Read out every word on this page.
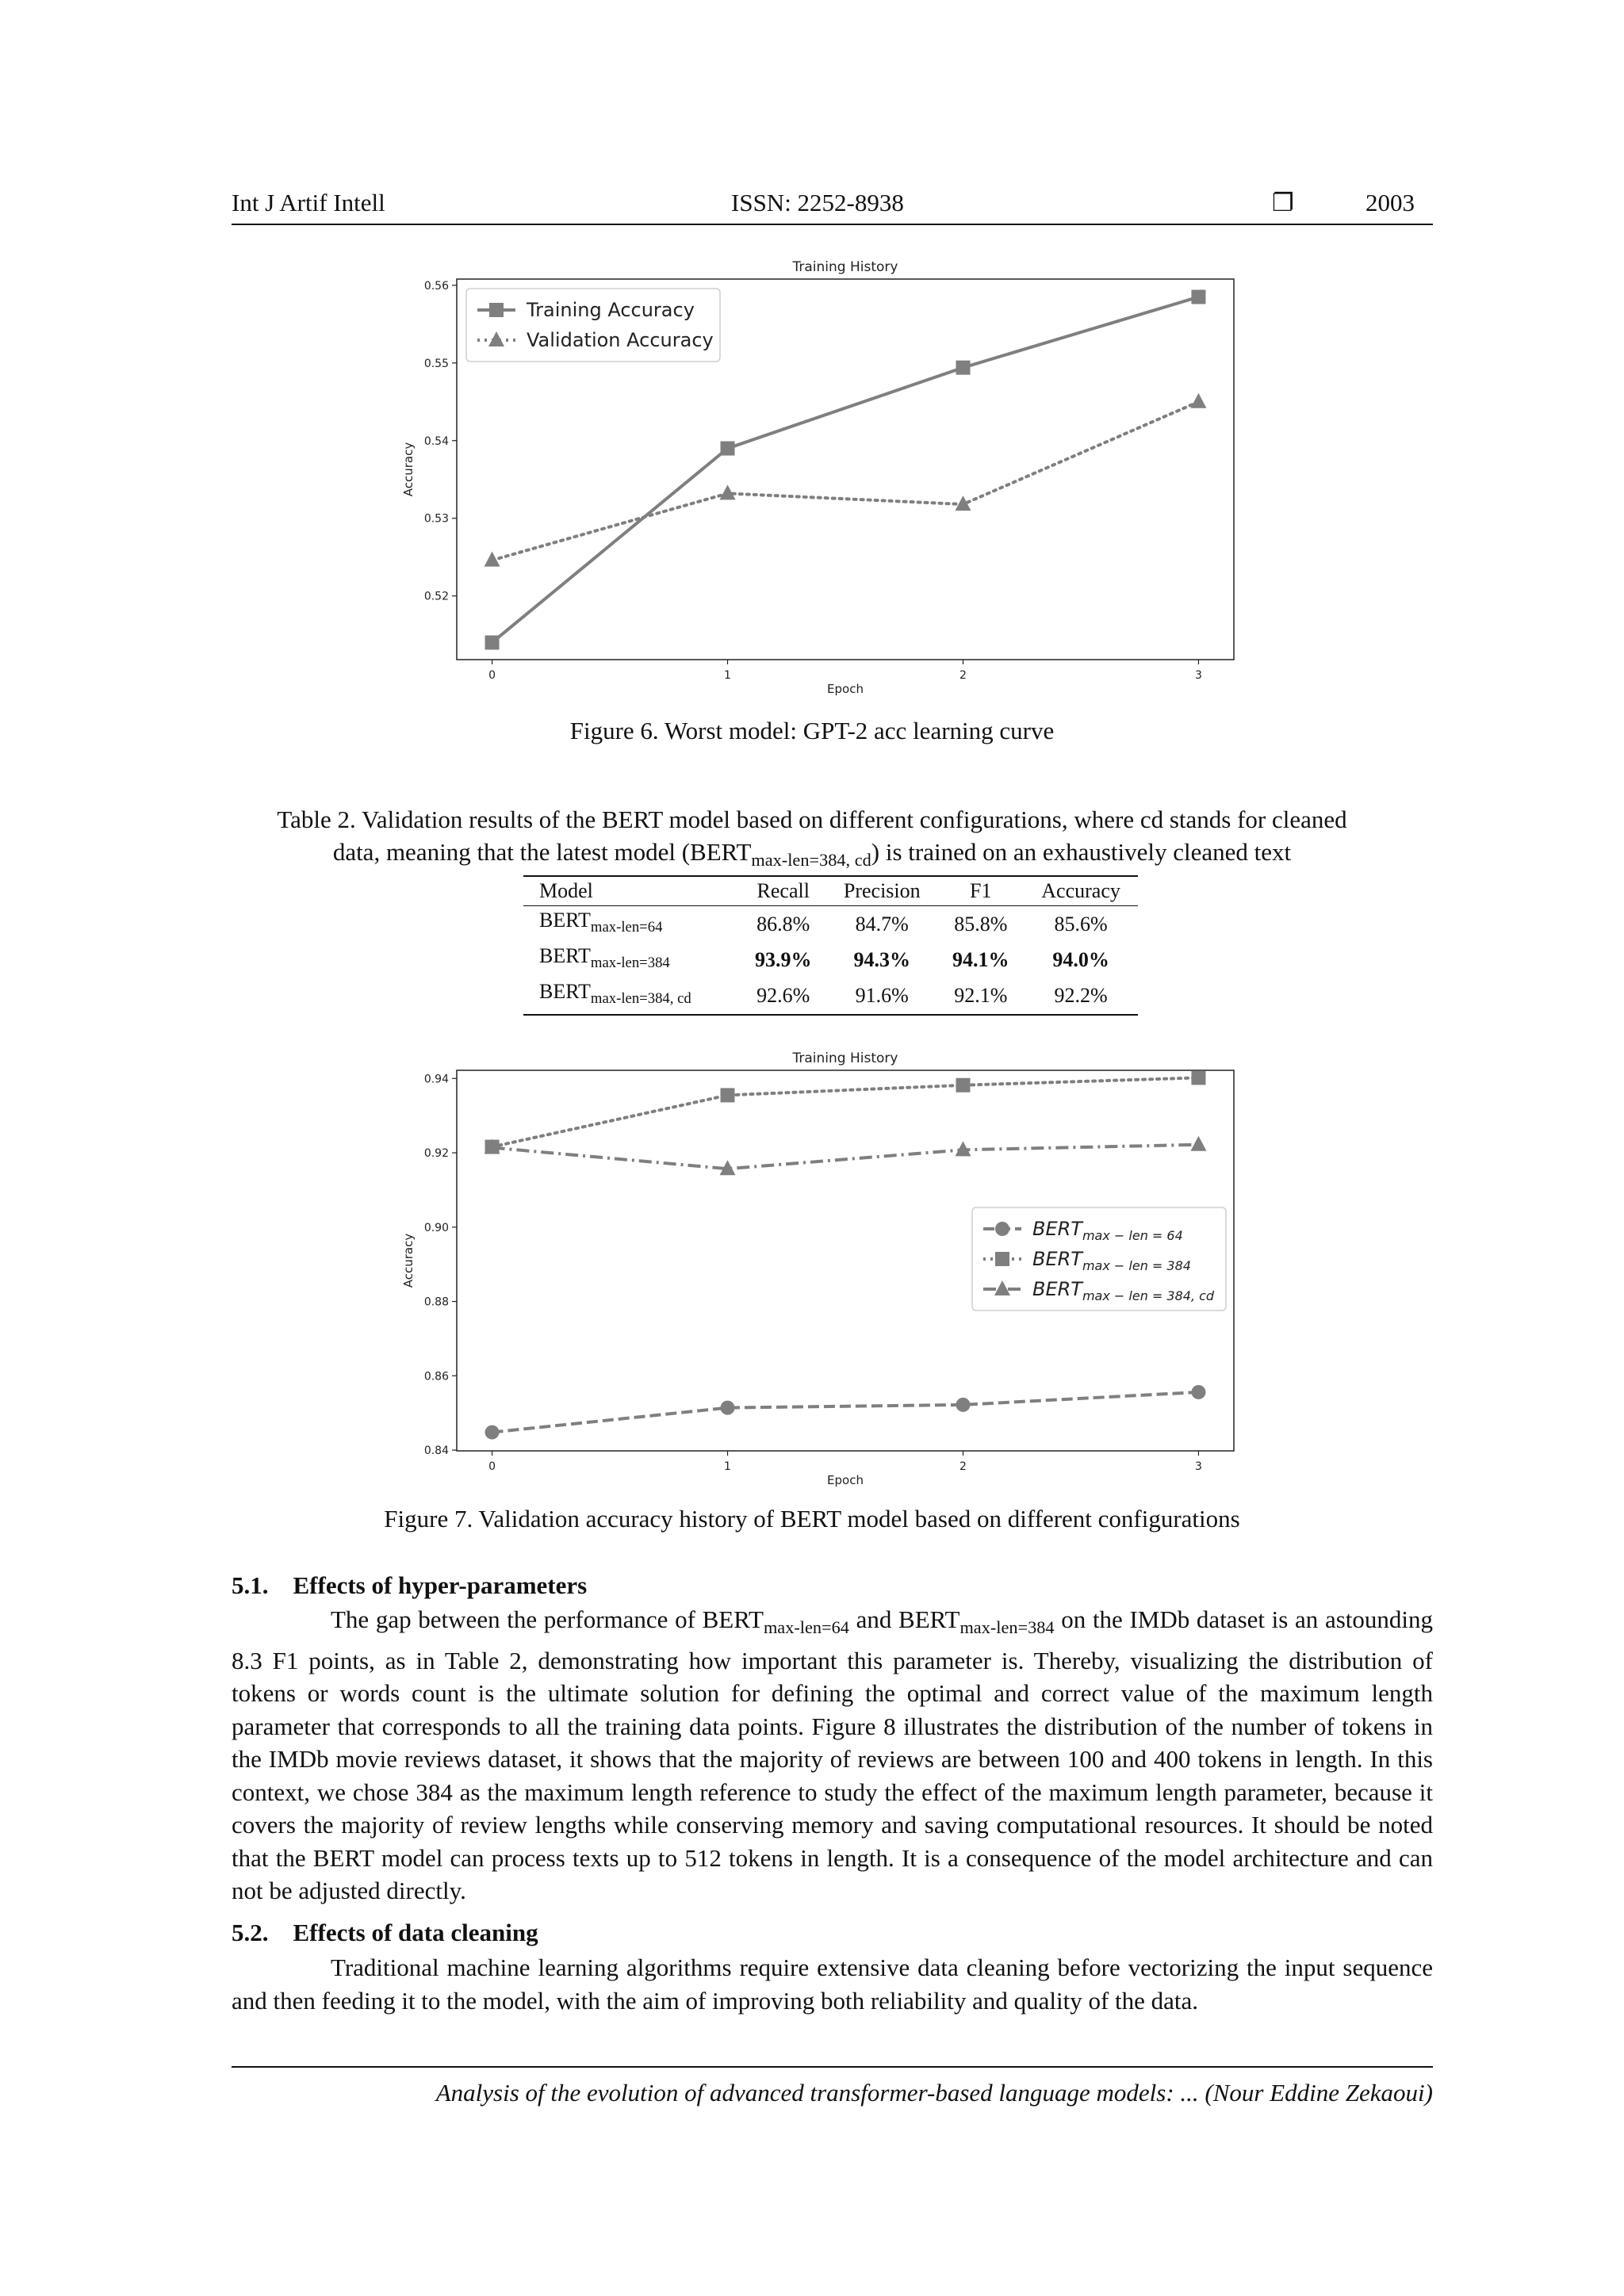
Int J Artif Intell	ISSN: 2252-8938	❐	2003
Training History
0.52
0.53
0.54
0.55
0.56
0	1	2	3
Epoch
Accuracy
Training Accuracy
Validation Accuracy
Figure 6. Worst model: GPT-2 acc learning curve
Table 2. Validation results of the BERT model based on different configurations, where cd stands for cleaned
data, meaning that the latest model $(BERT_{max-len=384, cd})$ is trained on an exhaustively cleaned text
Model	Recall	Precision	F1	Accuracy
$BERT_{max-len=64}$	86.8%	84.7%	85.8%	85.6%
$BERT_{max-len=384}$	93.9%	94.3%	94.1%	94.0%
$BERT_{max-len=384, cd}$	92.6%	91.6%	92.1%	92.2%
Training History
0.84
0.86
0.88
0.90
0.92
0.94
0	1	2	3
Epoch
Accuracy
$BERT_{max - len = 64}$
$BERT_{max - len = 384}$
$BERT_{max - len = 384, cd}$
Figure 7. Validation accuracy history of BERT model based on different configurations
5.1.    Effects of hyper-parameters

The gap between the performance of $BERT_{max-len=64}$ and $BERT_{max-len=384}$ on the IMDb dataset is an astounding 8.3 F1 points, as in Table 2, demonstrating how important this parameter is. Thereby, visualizing the distribution of tokens or words count is the ultimate solution for defining the optimal and correct value of the maximum length parameter that corresponds to all the training data points. Figure 8 illustrates the distribution of the number of tokens in the IMDb movie reviews dataset, it shows that the majority of reviews are between 100 and 400 tokens in length. In this context, we chose 384 as the maximum length reference to study the effect of the maximum length parameter, because it covers the majority of review lengths while conserving memory and saving computational resources. It should be noted that the BERT model can process texts up to 512 tokens in length. It is a consequence of the model architecture and can not be adjusted directly.

5.2.    Effects of data cleaning

Traditional machine learning algorithms require extensive data cleaning before vectorizing the input sequence and then feeding it to the model, with the aim of improving both reliability and quality of the data.

Analysis of the evolution of advanced transformer-based language models: ... (Nour Eddine Zekaoui)
